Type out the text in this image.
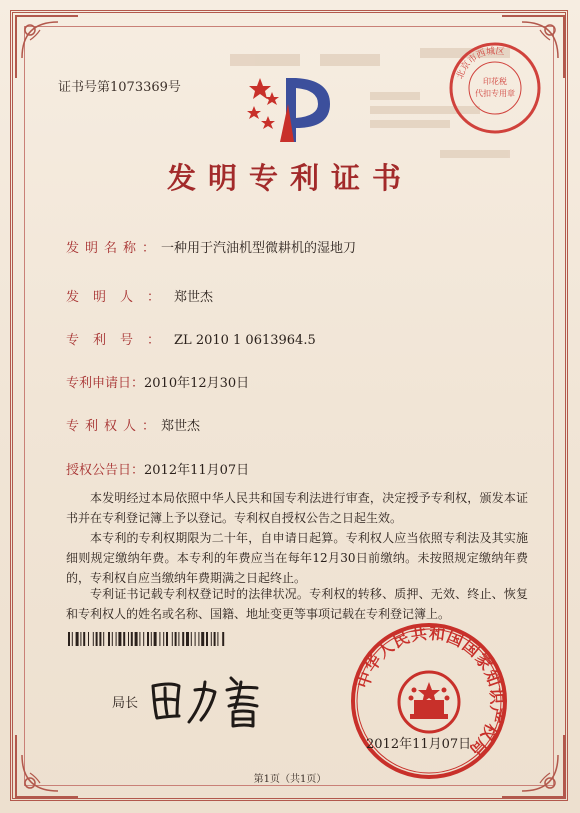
证书号第1073369号
北京市西城区
印花税
代扣专用章
发明专利证书
发明名称：一种用于汽油机型微耕机的湿地刀
发明人：郑世杰
专利号：ZL 2010 1 0613964.5
专利申请日：2010年12月30日
专利权人：郑世杰
授权公告日：2012年11月07日
本发明经过本局依照中华人民共和国专利法进行审查，决定授予专利权，颁发本证书并在专利登记簿上予以登记。专利权自授权公告之日起生效。
本专利的专利权期限为二十年，自申请日起算。专利权人应当依照专利法及其实施细则规定缴纳年费。本专利的年费应当在每年12月30日前缴纳。未按照规定缴纳年费的，专利权自应当缴纳年费期满之日起终止。
专利证书记载专利权登记时的法律状况。专利权的转移、质押、无效、终止、恢复和专利权人的姓名或名称、国籍、地址变更等事项记载在专利登记簿上。
局长
中华人民共和国国家知识产权局
2012年11月07日
第1页（共1页）
